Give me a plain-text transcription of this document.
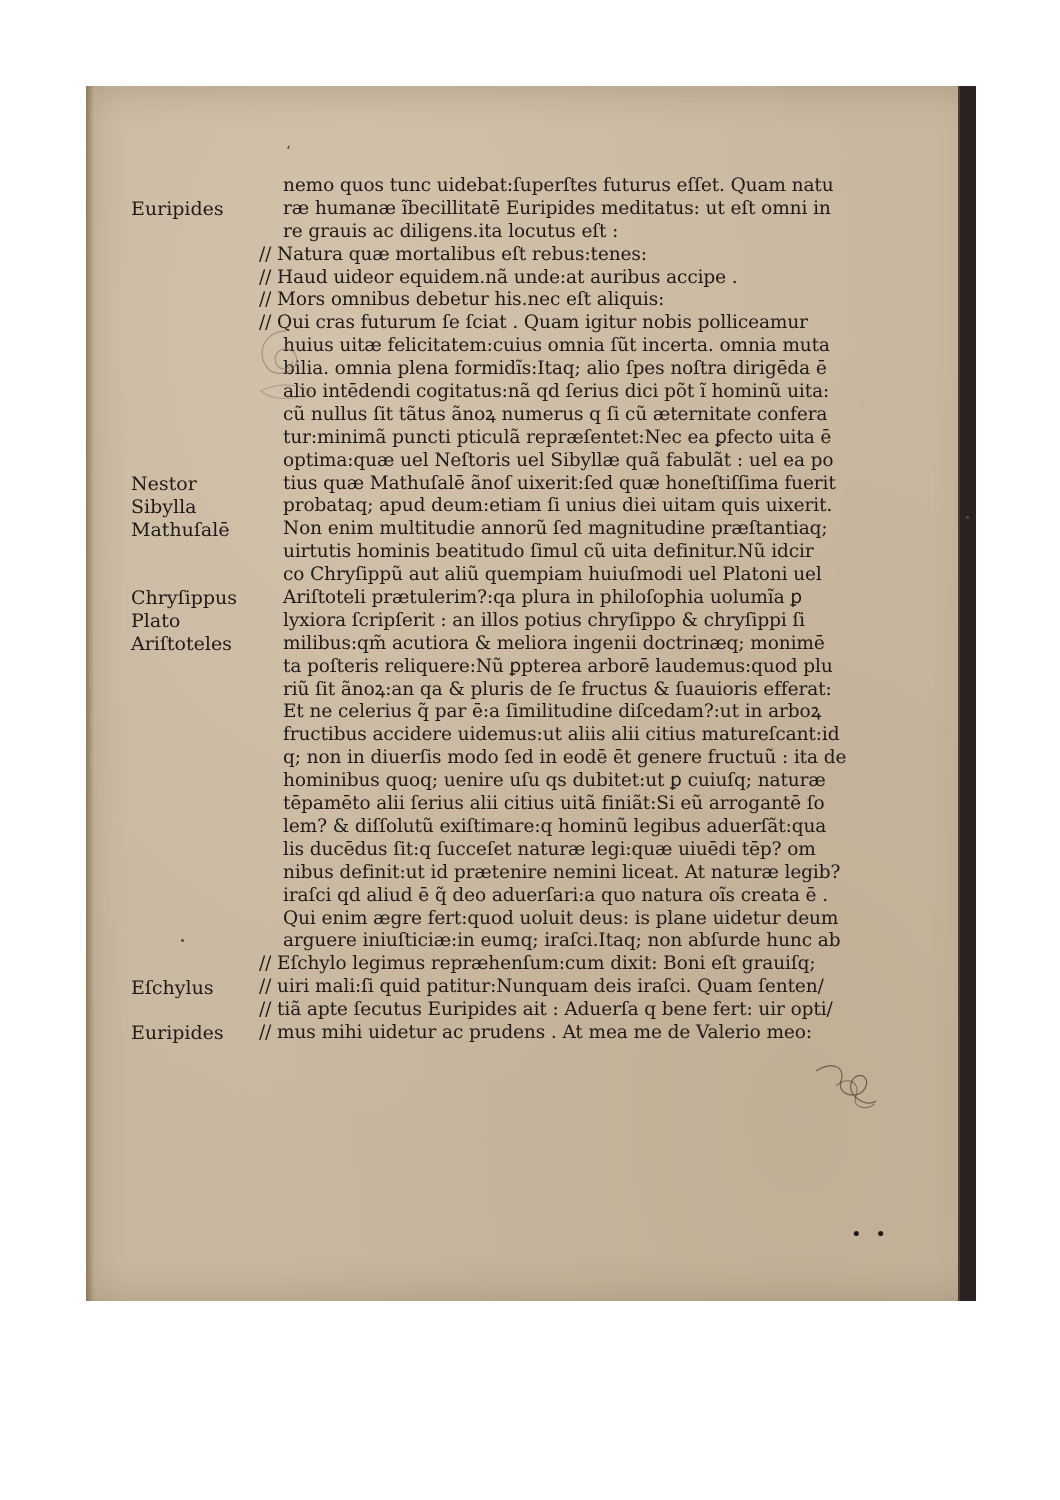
‘
nemo quos tunc uidebat:ſuperſtes futurus eſſet. Quam natu
ræ humanæ ĩbecillitatē Euripides meditatus: ut eſt omni in
re grauis ac diligens.ita locutus eſt :
// Natura quæ mortalibus eſt rebus:tenes:
// Haud uideor equidem.nã unde:at auribus accipe .
// Mors omnibus debetur his.nec eſt aliquis:
// Qui cras futurum ſe ſciat . Quam igitur nobis polliceamur
huius uitæ felicitatem:cuius omnia ſũt incerta. omnia muta
bilia. omnia plena formidĩs:Itaq; alio ſpes noſtra dirigēda ē
alio intēdendi cogitatus:nã qd ſerius dici põt ĩ hominũ uita:
cũ nullus ſit tãtus ãnoꝝ numerus q ſi cũ æternitate confera
tur:minimã puncti pticulã repræſentet:Nec ea ꝑfecto uita ē
optima:quæ uel Neſtoris uel Sibyllæ quã fabulãt : uel ea po
tius quæ Mathuſalē ãnoſ uixerit:ſed quæ honeſtiſſima fuerit
probataq; apud deum:etiam ſi unius diei uitam quis uixerit.
Non enim multitudie annorũ ſed magnitudine præſtantiaq;
uirtutis hominis beatitudo ſimul cũ uita definitur.Nũ idcir
co Chryſippũ aut aliũ quempiam huiuſmodi uel Platoni uel
Ariſtoteli prætulerim?:qa plura in philoſophia uolumĩa ꝑ
lyxiora ſcripſerit : an illos potius chryſippo & chryſippi ſi
milibus:qm̃ acutiora & meliora ingenii doctrinæq; monimē
ta poſteris reliquere:Nũ ꝑpterea arborē laudemus:quod plu
riũ ſit ãnoꝝ:an qa & pluris de ſe fructus & ſuauioris efferat:
Et ne celerius q̃ par ē:a ſimilitudine diſcedam?:ut in arboꝝ
fructibus accidere uidemus:ut aliis alii citius matureſcant:id
q; non in diuerſis modo ſed in eodē ēt genere fructuũ : ita de
hominibus quoq; uenire uſu qs dubitet:ut ꝑ cuiuſq; naturæ
tēpamēto alii ſerius alii citius uitã finiãt:Si eũ arrogantē ſo
lem? & diſſolutũ exiſtimare:q hominũ legibus aduerſãt:qua
lis ducēdus ſit:q ſucceſet naturæ legi:quæ uiuēdi tēp? om
nibus definit:ut id prætenire nemini liceat. At naturæ legib?
iraſci qd aliud ē q̃ deo aduerſari:a quo natura oĩs creata ē .
Qui enim ægre fert:quod uoluit deus: is plane uidetur deum
arguere iniuſticiæ:in eumq; iraſci.Itaq; non abſurde hunc ab
// Eſchylo legimus repræhenſum:cum dixit: Boni eſt grauiſq;
// uiri mali:ſi quid patitur:Nunquam deis iraſci. Quam ſenten/
// tiã apte ſecutus Euripides ait : Aduerſa q bene fert: uir opti/
// mus mihi uidetur ac prudens . At mea me de Valerio meo:
Euripides
Nestor
Sibylla
Mathuſalē
Chryſippus
Plato
Ariſtoteles
Eſchylus
Euripides
• •
